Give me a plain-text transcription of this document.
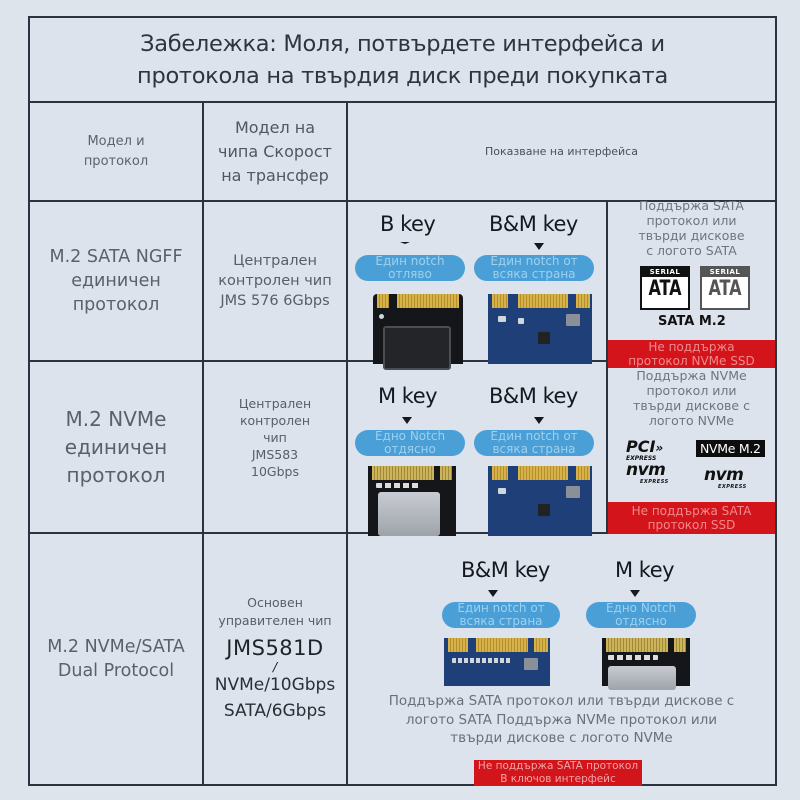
Забележка: Моля, потвърдете интерфейса и
протокола на твърдия диск преди покупката
Модел и
протокол
Модел на
чипа Скорост
на трансфер
Показване на интерфейса
M.2 SATA NGFF
единичен
протокол
Централен
контролен чип
JMS 576 6Gbps
B key
Един notch
отляво
B&M key
Един notch от
всяка страна
Поддържа SATA
протокол или
твърди дискове
с логото SATA
SERIAL
ATA
SERIAL
ATA
SATA M.2
Не поддържа
протокол NVMe SSD
M.2 NVMe
единичен
протокол
Централен
контролен
чип
JMS583
10Gbps
M key
Едно Notch
отдясно
B&M key
Един notch от
всяка страна
Поддържа NVMe
протокол или
твърди дискове с
логото NVMe
PCI»
EXPRESS
NVMe M.2
nvm
EXPRESS nvm
EXPRESS
Не поддържа SATA
протокол SSD
M.2 NVMe/SATA
Dual Protocol
Основен
управителен чип
JMS581D
/
NVMe/10Gbps
SATA/6Gbps
B&M key
Един notch от
всяка страна
M key
Едно Notch
отдясно
Поддържа SATA протокол или твърди дискове с
логото SATA Поддържа NVMe протокол или
твърди дискове с логото NVMe
Не поддържа SATA протокол
В ключов интерфейс
